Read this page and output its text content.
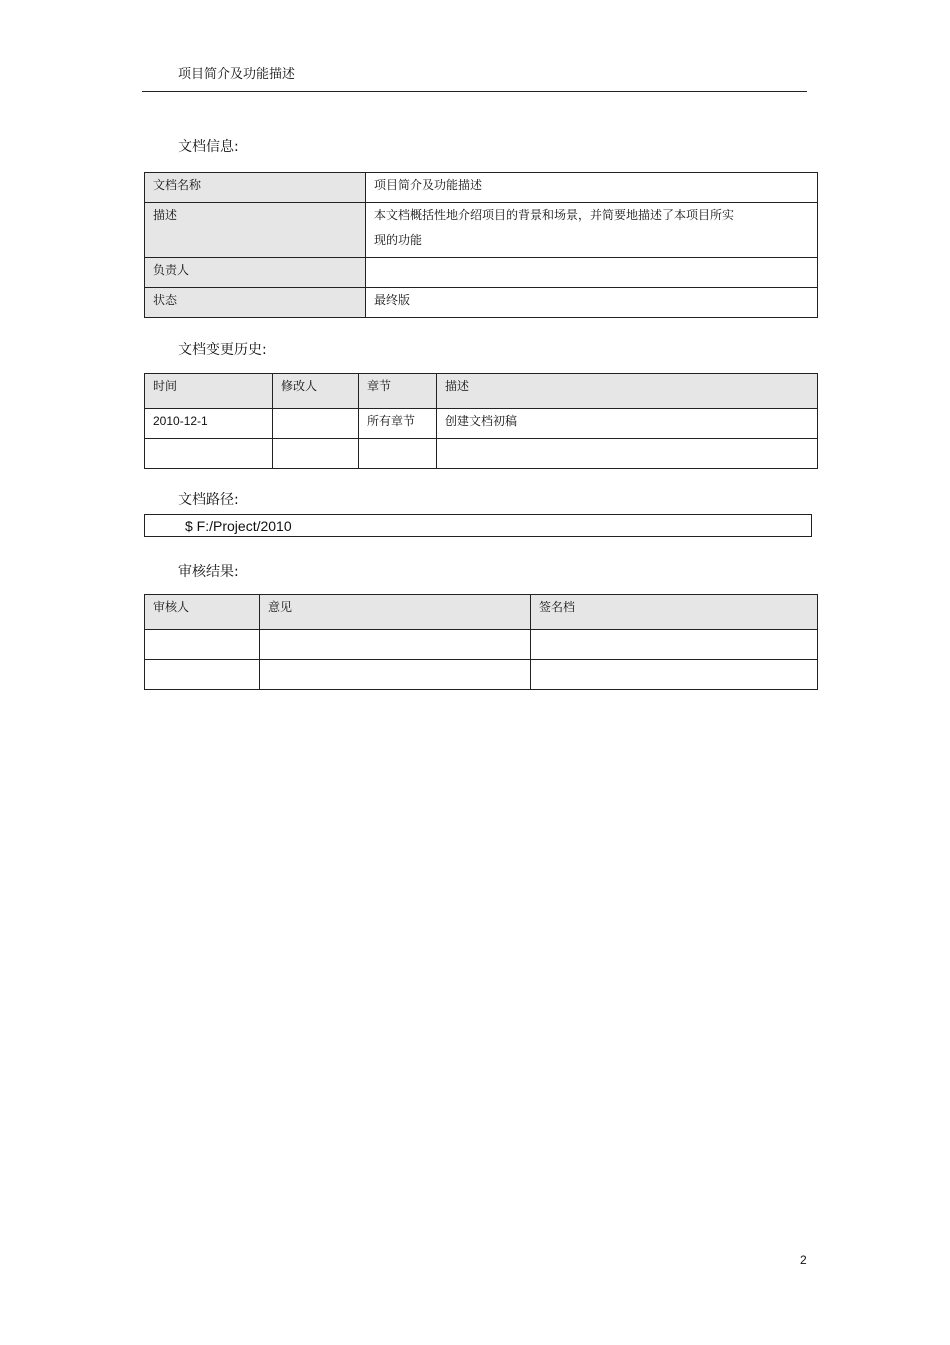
项目简介及功能描述
文档信息:
文档名称	项目简介及功能描述
描述	本文档概括性地介绍项目的背景和场景，并简要地描述了本项目所实
现的功能

负责人	
状态	最终版
文档变更历史:
时间	修改人	章节	描述
2010-12-1		所有章节	创建文档初稿

文档路径:
$ F:/Project/2010
审核结果:
审核人	意见	签名档

2
